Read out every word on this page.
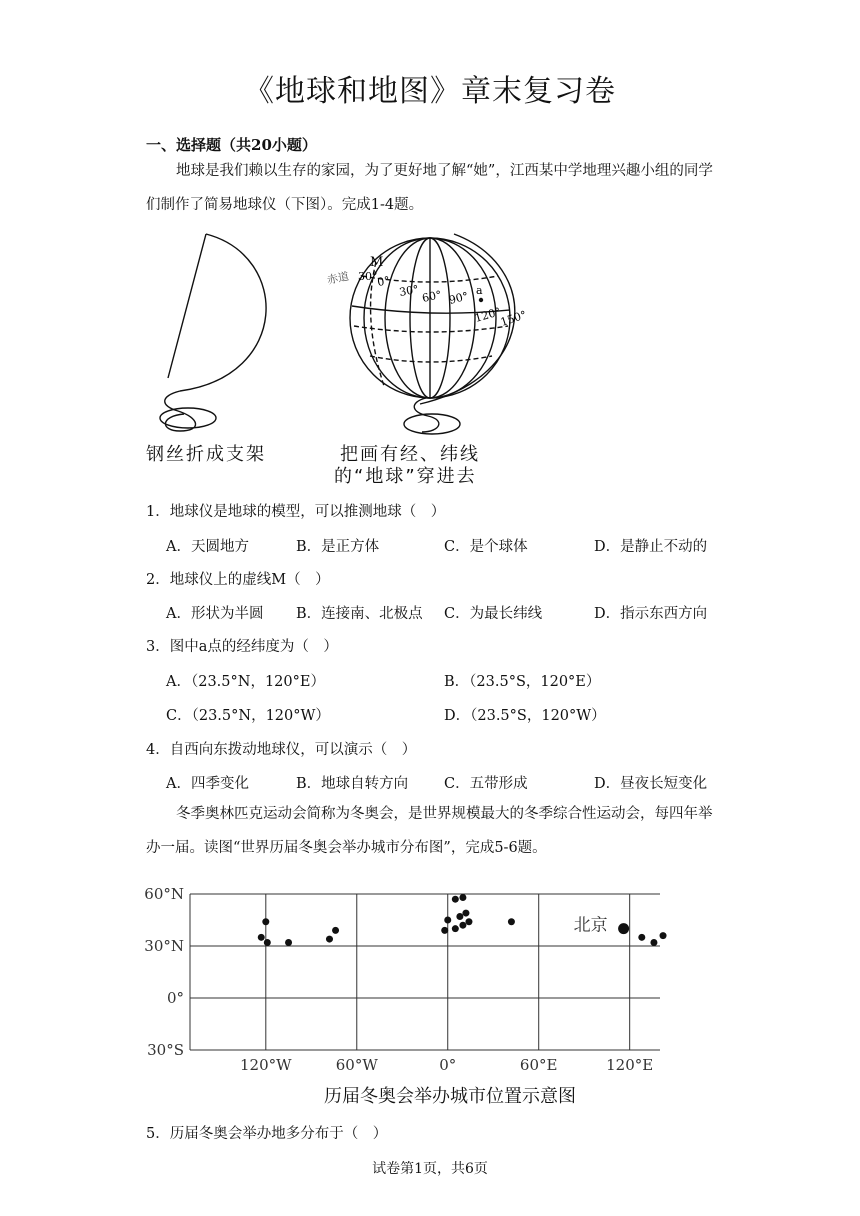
《地球和地图》章末复习卷
一、选择题（共20小题）
地球是我们赖以生存的家园，为了更好地了解“她”，江西某中学地理兴趣小组的同学们制作了简易地球仪（下图）。完成1-4题。
M
赤道 30°
a
0°
30° 60° 90°
120°
150°
钢丝折成支架	把画有经、纬线
的“地球”穿进去
1．地球仪是地球的模型，可以推测地球（　）
A．天圆地方	B．是正方体	C．是个球体	D．是静止不动的
2．地球仪上的虚线M（　）
A．形状为半圆 B．连接南、北极点 C．为最长纬线	D．指示东西方向
3．图中a点的经纬度为（　）
A．（23.5°N，120°E）	B．（23.5°S，120°E）
C．（23.5°N，120°W）	D．（23.5°S，120°W）
4．自西向东拨动地球仪，可以演示（　）
A．四季变化	B．地球自转方向 C．五带形成	D．昼夜长短变化
冬季奥林匹克运动会简称为冬奥会，是世界规模最大的冬季综合性运动会，每四年举办一届。读图“世界历届冬奥会举办城市分布图”，完成5-6题。
60°N
30°N
0°
30°S
120°W	60°W	0°	60°E	120°E
北京
历届冬奥会举办城市位置示意图
5．历届冬奥会举办地多分布于（　）
试卷第1页，共6页
